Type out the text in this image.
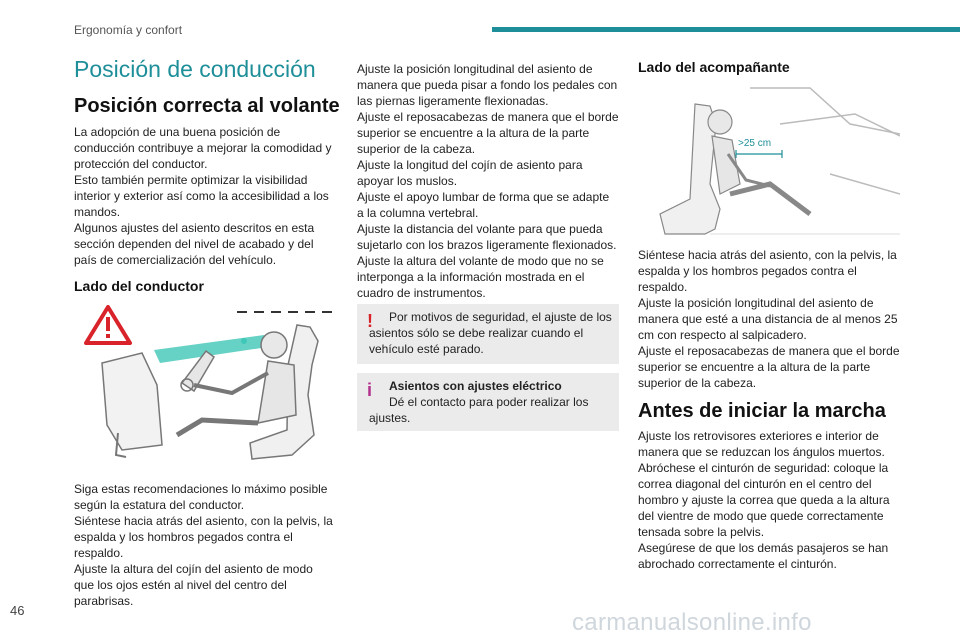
Ergonomía y confort
Posición de conducción
Posición correcta al volante

La adopción de una buena posición de conducción contribuye a mejorar la comodidad y protección del conductor.

Esto también permite optimizar la visibilidad interior y exterior así como la accesibilidad a los mandos.

Algunos ajustes del asiento descritos en esta sección dependen del nivel de acabado y del país de comercialización del vehículo.

Lado del conductor

Siga estas recomendaciones lo máximo posible según la estatura del conductor.

Siéntese hacia atrás del asiento, con la pelvis, la espalda y los hombros pegados contra el respaldo.

Ajuste la altura del cojín del asiento de modo que los ojos estén al nivel del centro del parabrisas.

Ajuste la posición longitudinal del asiento de manera que pueda pisar a fondo los pedales con las piernas ligeramente flexionadas.

Ajuste el reposacabezas de manera que el borde superior se encuentre a la altura de la parte superior de la cabeza.

Ajuste la longitud del cojín de asiento para apoyar los muslos.

Ajuste el apoyo lumbar de forma que se adapte a la columna vertebral.

Ajuste la distancia del volante para que pueda sujetarlo con los brazos ligeramente flexionados.

Ajuste la altura del volante de modo que no se interponga a la información mostrada en el cuadro de instrumentos.

!	Por motivos de seguridad, el ajuste de los asientos sólo se debe realizar cuando el vehículo esté parado.
i	Asientos con ajustes eléctrico
Dé el contacto para poder realizar los ajustes.
Lado del acompañante
>25 cm

Siéntese hacia atrás del asiento, con la pelvis, la espalda y los hombros pegados contra el respaldo.

Ajuste la posición longitudinal del asiento de manera que esté a una distancia de al menos 25 cm con respecto al salpicadero.

Ajuste el reposacabezas de manera que el borde superior se encuentre a la altura de la parte superior de la cabeza.

Antes de iniciar la marcha

Ajuste los retrovisores exteriores e interior de manera que se reduzcan los ángulos muertos.

Abróchese el cinturón de seguridad: coloque la correa diagonal del cinturón en el centro del hombro y ajuste la correa que queda a la altura del vientre de modo que quede correctamente tensada sobre la pelvis.

Asegúrese de que los demás pasajeros se han abrochado correctamente el cinturón.

46	carmanualsonline.info
